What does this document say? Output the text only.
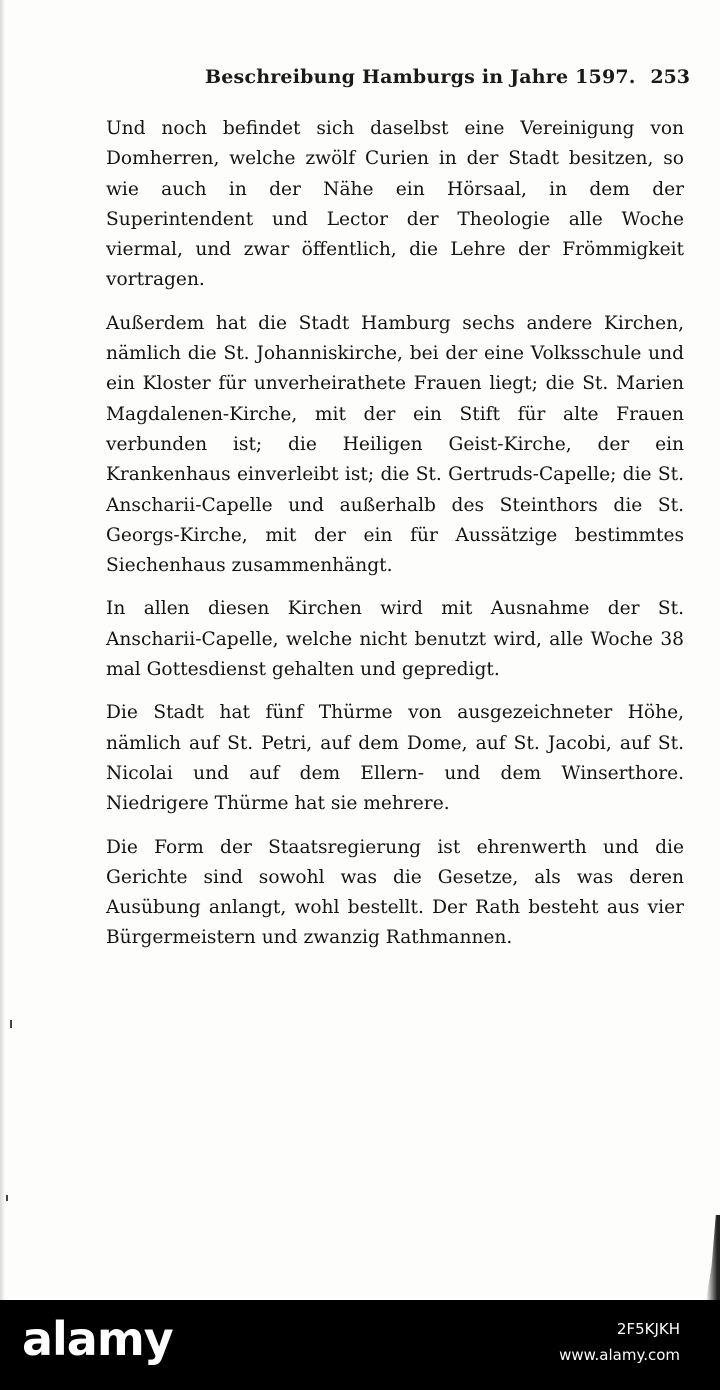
Beschreibung Hamburgs in Jahre 1597. 253

Und noch befindet sich daselbst eine Vereinigung von Domherren, welche zwölf Curien in der Stadt besitzen, so wie auch in der Nähe ein Hörsaal, in dem der Superintendent und Lector der Theologie alle Woche viermal, und zwar öffentlich, die Lehre der Frömmigkeit vortragen.

Außerdem hat die Stadt Hamburg sechs andere Kirchen, nämlich die St. Johanniskirche, bei der eine Volksschule und ein Kloster für unverheirathete Frauen liegt; die St. Marien Magdalenen-Kirche, mit der ein Stift für alte Frauen verbunden ist; die Heiligen Geist-Kirche, der ein Krankenhaus einverleibt ist; die St. Gertruds-Capelle; die St. Anscharii-Capelle und außerhalb des Steinthors die St. Georgs-Kirche, mit der ein für Aussätzige bestimmtes Siechenhaus zusammenhängt.

In allen diesen Kirchen wird mit Ausnahme der St. Anscharii-Capelle, welche nicht benutzt wird, alle Woche 38 mal Gottesdienst gehalten und gepredigt.

Die Stadt hat fünf Thürme von ausgezeichneter Höhe, nämlich auf St. Petri, auf dem Dome, auf St. Jacobi, auf St. Nicolai und auf dem Ellern- und dem Winserthore. Niedrigere Thürme hat sie mehrere.

Die Form der Staatsregierung ist ehrenwerth und die Gerichte sind sowohl was die Gesetze, als was deren Ausübung anlangt, wohl bestellt. Der Rath besteht aus vier Bürgermeistern und zwanzig Rathmannen.

alamy	2F5KJKH
www.alamy.com
